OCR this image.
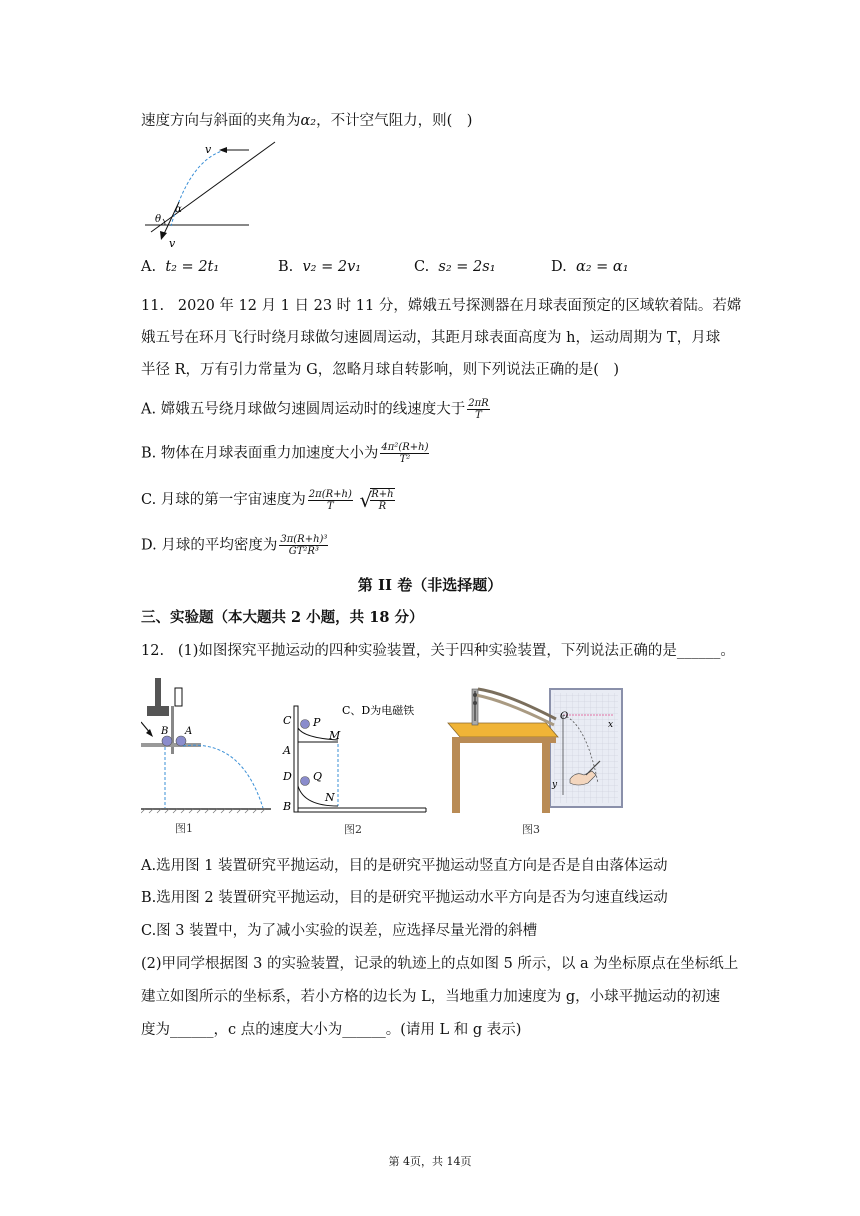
速度方向与斜面的夹角为α₂，不计空气阻力，则(　)
v
v
θ
α
A. t₂ = 2t₁	B. v₂ = 2v₁	C. s₂ = 2s₁	D. α₂ = α₁
11. 2020 年 12 月 1 日 23 时 11 分，嫦娥五号探测器在月球表面预定的区域软着陆。若嫦
娥五号在环月飞行时绕月球做匀速圆周运动，其距月球表面高度为 h，运动周期为 T，月球
半径 R，万有引力常量为 G，忽略月球自转影响，则下列说法正确的是(　)
A. 嫦娥五号绕月球做匀速圆周运动时的线速度大于 $\frac{2\pi R}{T}$
B. 物体在月球表面重力加速度大小为 $\frac{\text{4π²(R+h)}}{\text{T²}}$
C. 月球的第一宇宙速度为 $\frac{2\pi(R+h)}{T}$ √
$\frac{R+h}{R}$
D. 月球的平均密度为 $\frac{\text{3π(R+h)³}}{\text{GT²R³}}$
第 II 卷（非选择题）
三、实验题（本大题共 2 小题，共 18 分）
12. (1)如图探究平抛运动的四种实验装置，关于四种实验装置，下列说法正确的是______。
B A
图1
C P
C、D为电磁铁
M
A
D Q
N
B
图2
O
x
y
图3
A.选用图 1 装置研究平抛运动，目的是研究平抛运动竖直方向是否是自由落体运动
B.选用图 2 装置研究平抛运动，目的是研究平抛运动水平方向是否为匀速直线运动
C.图 3 装置中，为了减小实验的误差，应选择尽量光滑的斜槽
(2)甲同学根据图 3 的实验装置，记录的轨迹上的点如图 5 所示，以 a 为坐标原点在坐标纸上
建立如图所示的坐标系，若小方格的边长为 L，当地重力加速度为 g，小球平抛运动的初速
度为______，c 点的速度大小为______。(请用 L 和 g 表示)
第 4页，共 14页
